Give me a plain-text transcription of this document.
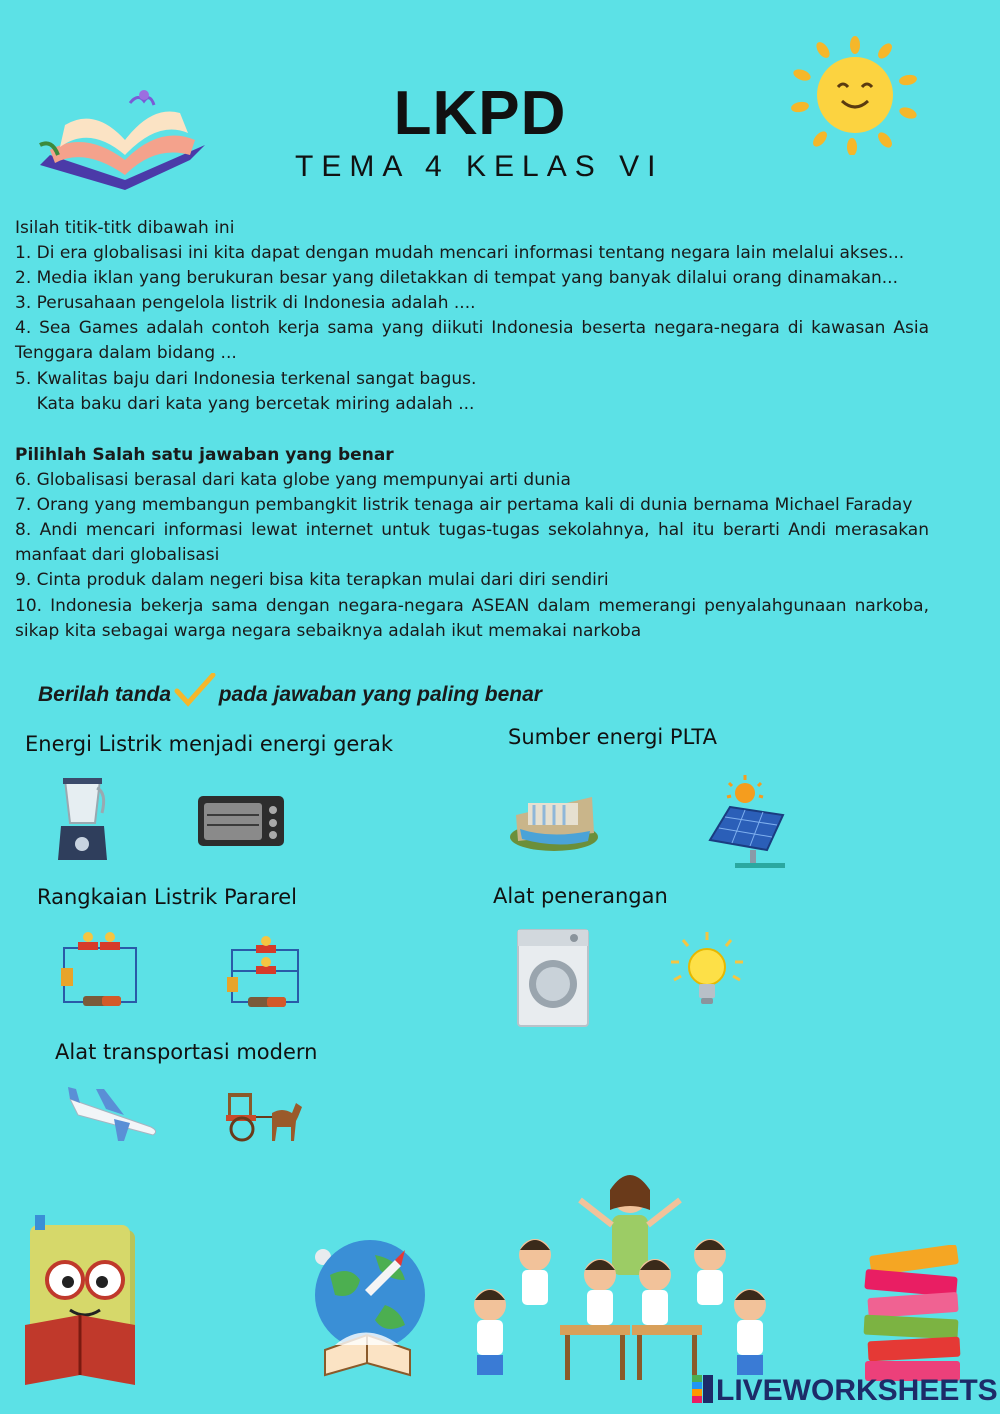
LKPD
TEMA 4 KELAS VI
Isilah titik-titk dibawah ini
1. Di era globalisasi ini kita dapat dengan mudah mencari informasi tentang negara lain melalui akses...
2. Media iklan yang berukuran besar yang diletakkan di tempat yang banyak dilalui orang dinamakan...
3. Perusahaan pengelola listrik di Indonesia adalah ....
4. Sea Games adalah contoh kerja sama yang diikuti Indonesia beserta negara-negara di kawasan Asia
Tenggara dalam bidang ...
5. Kwalitas baju dari Indonesia terkenal sangat bagus.
Kata baku dari kata yang bercetak miring adalah ...
Pilihlah Salah satu jawaban yang benar
6. Globalisasi berasal dari kata globe yang mempunyai arti dunia
7. Orang yang membangun pembangkit listrik tenaga air pertama kali di dunia bernama Michael Faraday
8. Andi mencari informasi lewat internet untuk tugas-tugas sekolahnya, hal itu berarti Andi merasakan
manfaat dari globalisasi
9. Cinta produk dalam negeri bisa kita terapkan mulai dari diri sendiri
10. Indonesia bekerja sama dengan negara-negara ASEAN dalam memerangi penyalahgunaan narkoba,
sikap kita sebagai warga negara sebaiknya adalah ikut memakai narkoba
Berilah tanda pada jawaban yang paling benar
Energi Listrik menjadi energi gerak	Sumber energi PLTA
Rangkaian Listrik Pararel	Alat penerangan
Alat transportasi modern
LIVEWORKSHEETS
